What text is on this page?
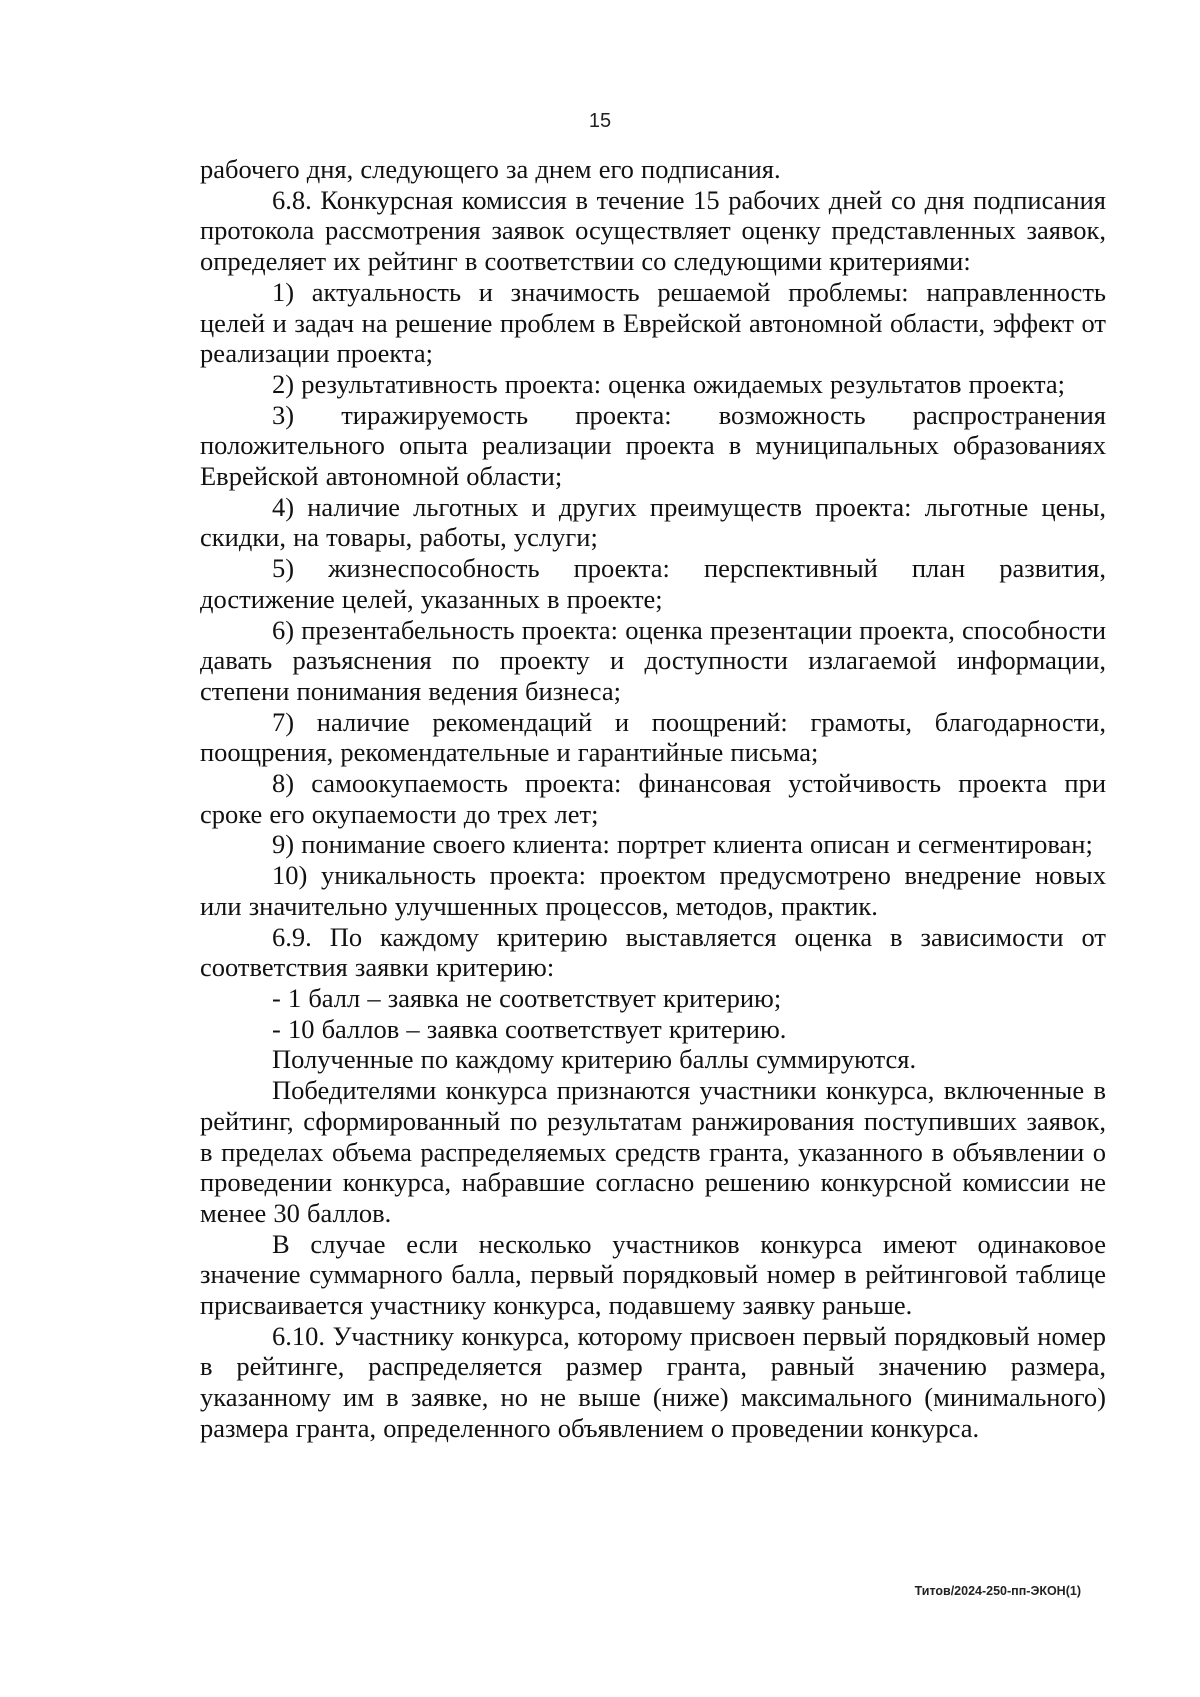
15

рабочего дня, следующего за днем его подписания.

6.8. Конкурсная комиссия в течение 15 рабочих дней со дня подписания протокола рассмотрения заявок осуществляет оценку представленных заявок, определяет их рейтинг в соответствии со следующими критериями:

1) актуальность и значимость решаемой проблемы: направленность целей и задач на решение проблем в Еврейской автономной области, эффект от реализации проекта;

2) результативность проекта: оценка ожидаемых результатов проекта;

3) тиражируемость проекта: возможность распространения положительного опыта реализации проекта в муниципальных образованиях Еврейской автономной области;

4) наличие льготных и других преимуществ проекта: льготные цены, скидки, на товары, работы, услуги;

5) жизнеспособность проекта: перспективный план развития, достижение целей, указанных в проекте;

6) презентабельность проекта: оценка презентации проекта, способности давать разъяснения по проекту и доступности излагаемой информации, степени понимания ведения бизнеса;

7) наличие рекомендаций и поощрений: грамоты, благодарности, поощрения, рекомендательные и гарантийные письма;

8) самоокупаемость проекта: финансовая устойчивость проекта при сроке его окупаемости до трех лет;

9) понимание своего клиента: портрет клиента описан и сегментирован;

10) уникальность проекта: проектом предусмотрено внедрение новых или значительно улучшенных процессов, методов, практик.

6.9. По каждому критерию выставляется оценка в зависимости от соответствия заявки критерию:

- 1 балл – заявка не соответствует критерию;

- 10 баллов – заявка соответствует критерию.

Полученные по каждому критерию баллы суммируются.

Победителями конкурса признаются участники конкурса, включенные в рейтинг, сформированный по результатам ранжирования поступивших заявок, в пределах объема распределяемых средств гранта, указанного в объявлении о проведении конкурса, набравшие согласно решению конкурсной комиссии не менее 30 баллов.

В случае если несколько участников конкурса имеют одинаковое значение суммарного балла, первый порядковый номер в рейтинговой таблице присваивается участнику конкурса, подавшему заявку раньше.

6.10. Участнику конкурса, которому присвоен первый порядковый номер в рейтинге, распределяется размер гранта, равный значению размера, указанному им в заявке, но не выше (ниже) максимального (минимального) размера гранта, определенного объявлением о проведении конкурса.

Титов/2024-250-пп-ЭКОН(1)
